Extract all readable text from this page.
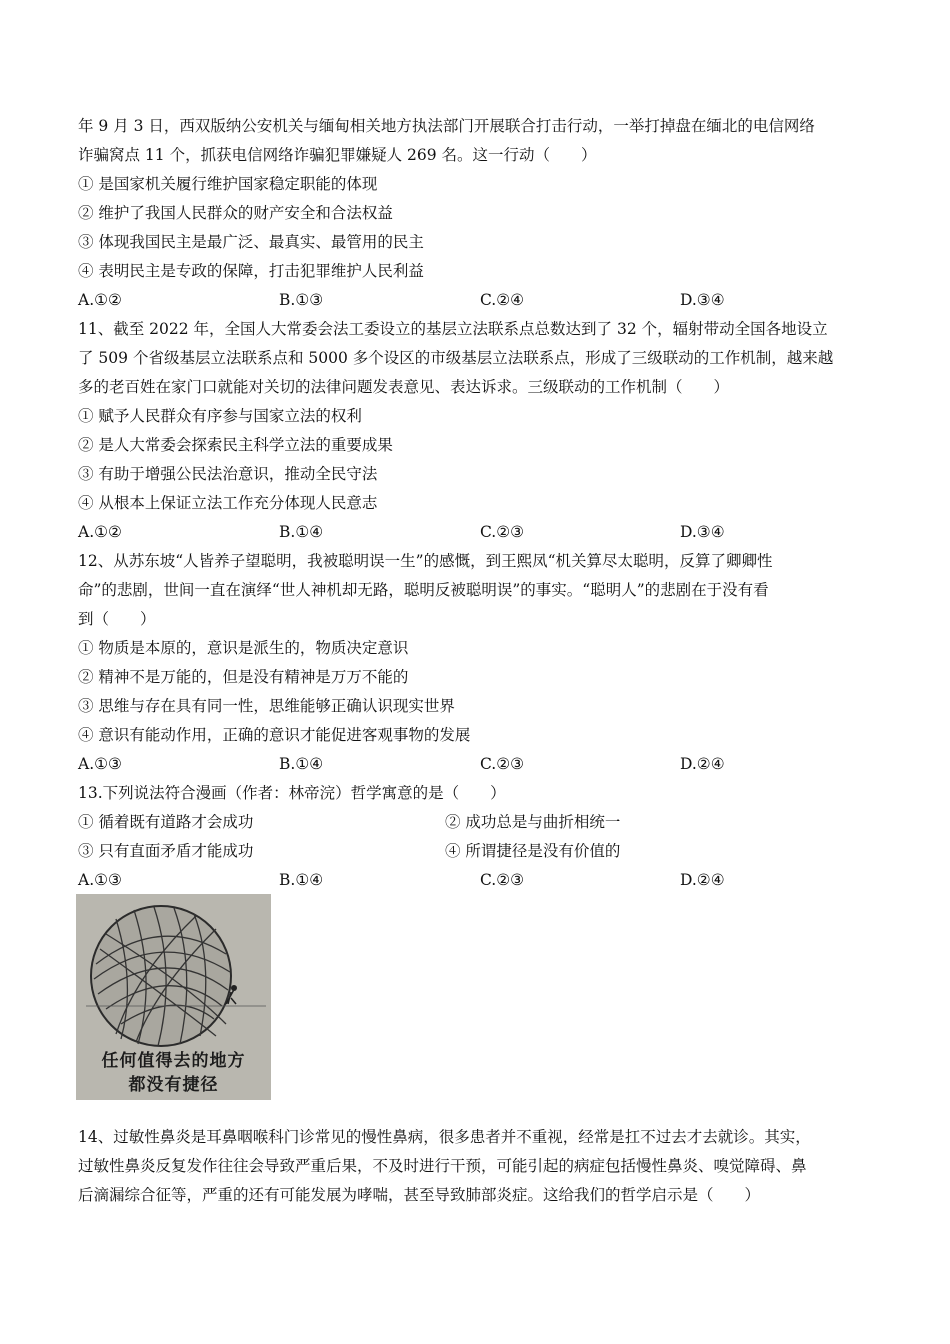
年 9 月 3 日，西双版纳公安机关与缅甸相关地方执法部门开展联合打击行动，一举打掉盘在缅北的电信网络
诈骗窝点 11 个，抓获电信网络诈骗犯罪嫌疑人 269 名。这一行动（　　）
① 是国家机关履行维护国家稳定职能的体现
② 维护了我国人民群众的财产安全和合法权益
③ 体现我国民主是最广泛、最真实、最管用的民主
④ 表明民主是专政的保障，打击犯罪维护人民利益
A.①②	B.①③	C.②④	D.③④
11、截至 2022 年，全国人大常委会法工委设立的基层立法联系点总数达到了 32 个，辐射带动全国各地设立
了 509 个省级基层立法联系点和 5000 多个设区的市级基层立法联系点，形成了三级联动的工作机制，越来越
多的老百姓在家门口就能对关切的法律问题发表意见、表达诉求。三级联动的工作机制（　　）
① 赋予人民群众有序参与国家立法的权利
② 是人大常委会探索民主科学立法的重要成果
③ 有助于增强公民法治意识，推动全民守法
④ 从根本上保证立法工作充分体现人民意志
A.①②	B.①④	C.②③	D.③④
12、从苏东坡“人皆养子望聪明，我被聪明误一生”的感慨，到王熙凤“机关算尽太聪明，反算了卿卿性
命”的悲剧，世间一直在演绎“世人神机却无路，聪明反被聪明误”的事实。“聪明人”的悲剧在于没有看
到（　　）
① 物质是本原的，意识是派生的，物质决定意识
② 精神不是万能的，但是没有精神是万万不能的
③ 思维与存在具有同一性，思维能够正确认识现实世界
④ 意识有能动作用，正确的意识才能促进客观事物的发展
A.①③	B.①④	C.②③	D.②④
13.下列说法符合漫画（作者：林帝浣）哲学寓意的是（　　）
① 循着既有道路才会成功	② 成功总是与曲折相统一
③ 只有直面矛盾才能成功	④ 所谓捷径是没有价值的
A.①③	B.①④	C.②③	D.②④
任何值得去的地方
都没有捷径
14、过敏性鼻炎是耳鼻咽喉科门诊常见的慢性鼻病，很多患者并不重视，经常是扛不过去才去就诊。其实，
过敏性鼻炎反复发作往往会导致严重后果，不及时进行干预，可能引起的病症包括慢性鼻炎、嗅觉障碍、鼻
后滴漏综合征等，严重的还有可能发展为哮喘，甚至导致肺部炎症。这给我们的哲学启示是（　　）
